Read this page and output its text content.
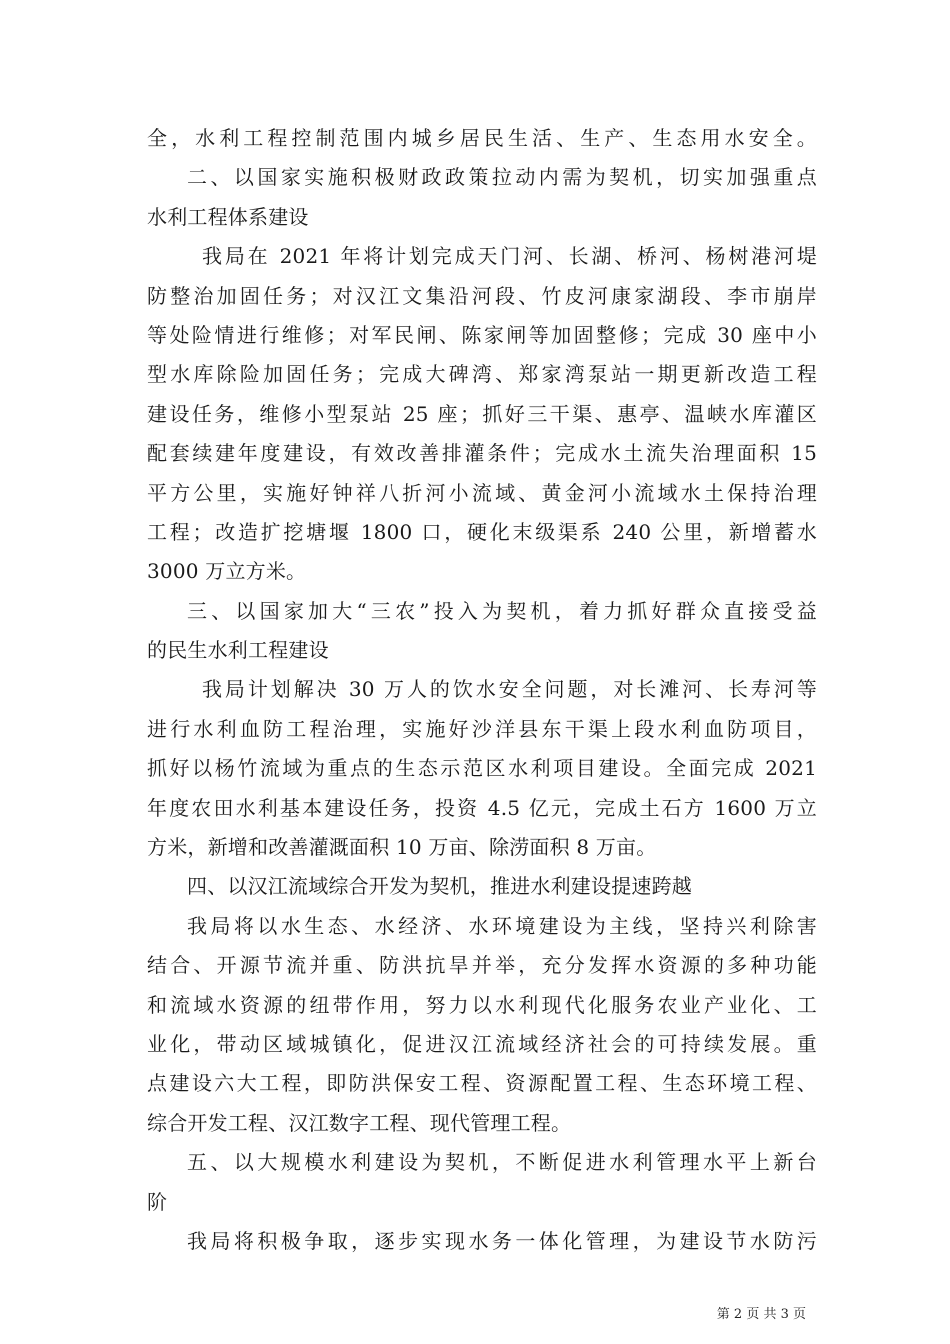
全，水利工程控制范围内城乡居民生活、生产、生态用水安全。
二、以国家实施积极财政政策拉动内需为契机，切实加强重点
水利工程体系建设
我局在 2021 年将计划完成天门河、长湖、桥河、杨树港河堤
防整治加固任务；对汉江文集沿河段、竹皮河康家湖段、李市崩岸
等处险情进行维修；对军民闸、陈家闸等加固整修；完成 30 座中小
型水库除险加固任务；完成大碑湾、郑家湾泵站一期更新改造工程
建设任务，维修小型泵站 25 座；抓好三干渠、惠亭、温峡水库灌区
配套续建年度建设，有效改善排灌条件；完成水土流失治理面积 15
平方公里，实施好钟祥八折河小流域、黄金河小流域水土保持治理
工程；改造扩挖塘堰 1800 口，硬化末级渠系 240 公里，新增蓄水
3000 万立方米。
三、以国家加大“三农”投入为契机，着力抓好群众直接受益
的民生水利工程建设
我局计划解决 30 万人的饮水安全问题，对长滩河、长寿河等
进行水利血防工程治理，实施好沙洋县东干渠上段水利血防项目，
抓好以杨竹流域为重点的生态示范区水利项目建设。全面完成 2021
年度农田水利基本建设任务，投资 4.5 亿元，完成土石方 1600 万立
方米，新增和改善灌溉面积 10 万亩、除涝面积 8 万亩。
四、以汉江流域综合开发为契机，推进水利建设提速跨越
我局将以水生态、水经济、水环境建设为主线，坚持兴利除害
结合、开源节流并重、防洪抗旱并举，充分发挥水资源的多种功能
和流域水资源的纽带作用，努力以水利现代化服务农业产业化、工
业化，带动区域城镇化，促进汉江流域经济社会的可持续发展。重
点建设六大工程，即防洪保安工程、资源配置工程、生态环境工程、
综合开发工程、汉江数字工程、现代管理工程。
五、以大规模水利建设为契机，不断促进水利管理水平上新台
阶
我局将积极争取，逐步实现水务一体化管理，为建设节水防污
第 2 页 共 3 页
